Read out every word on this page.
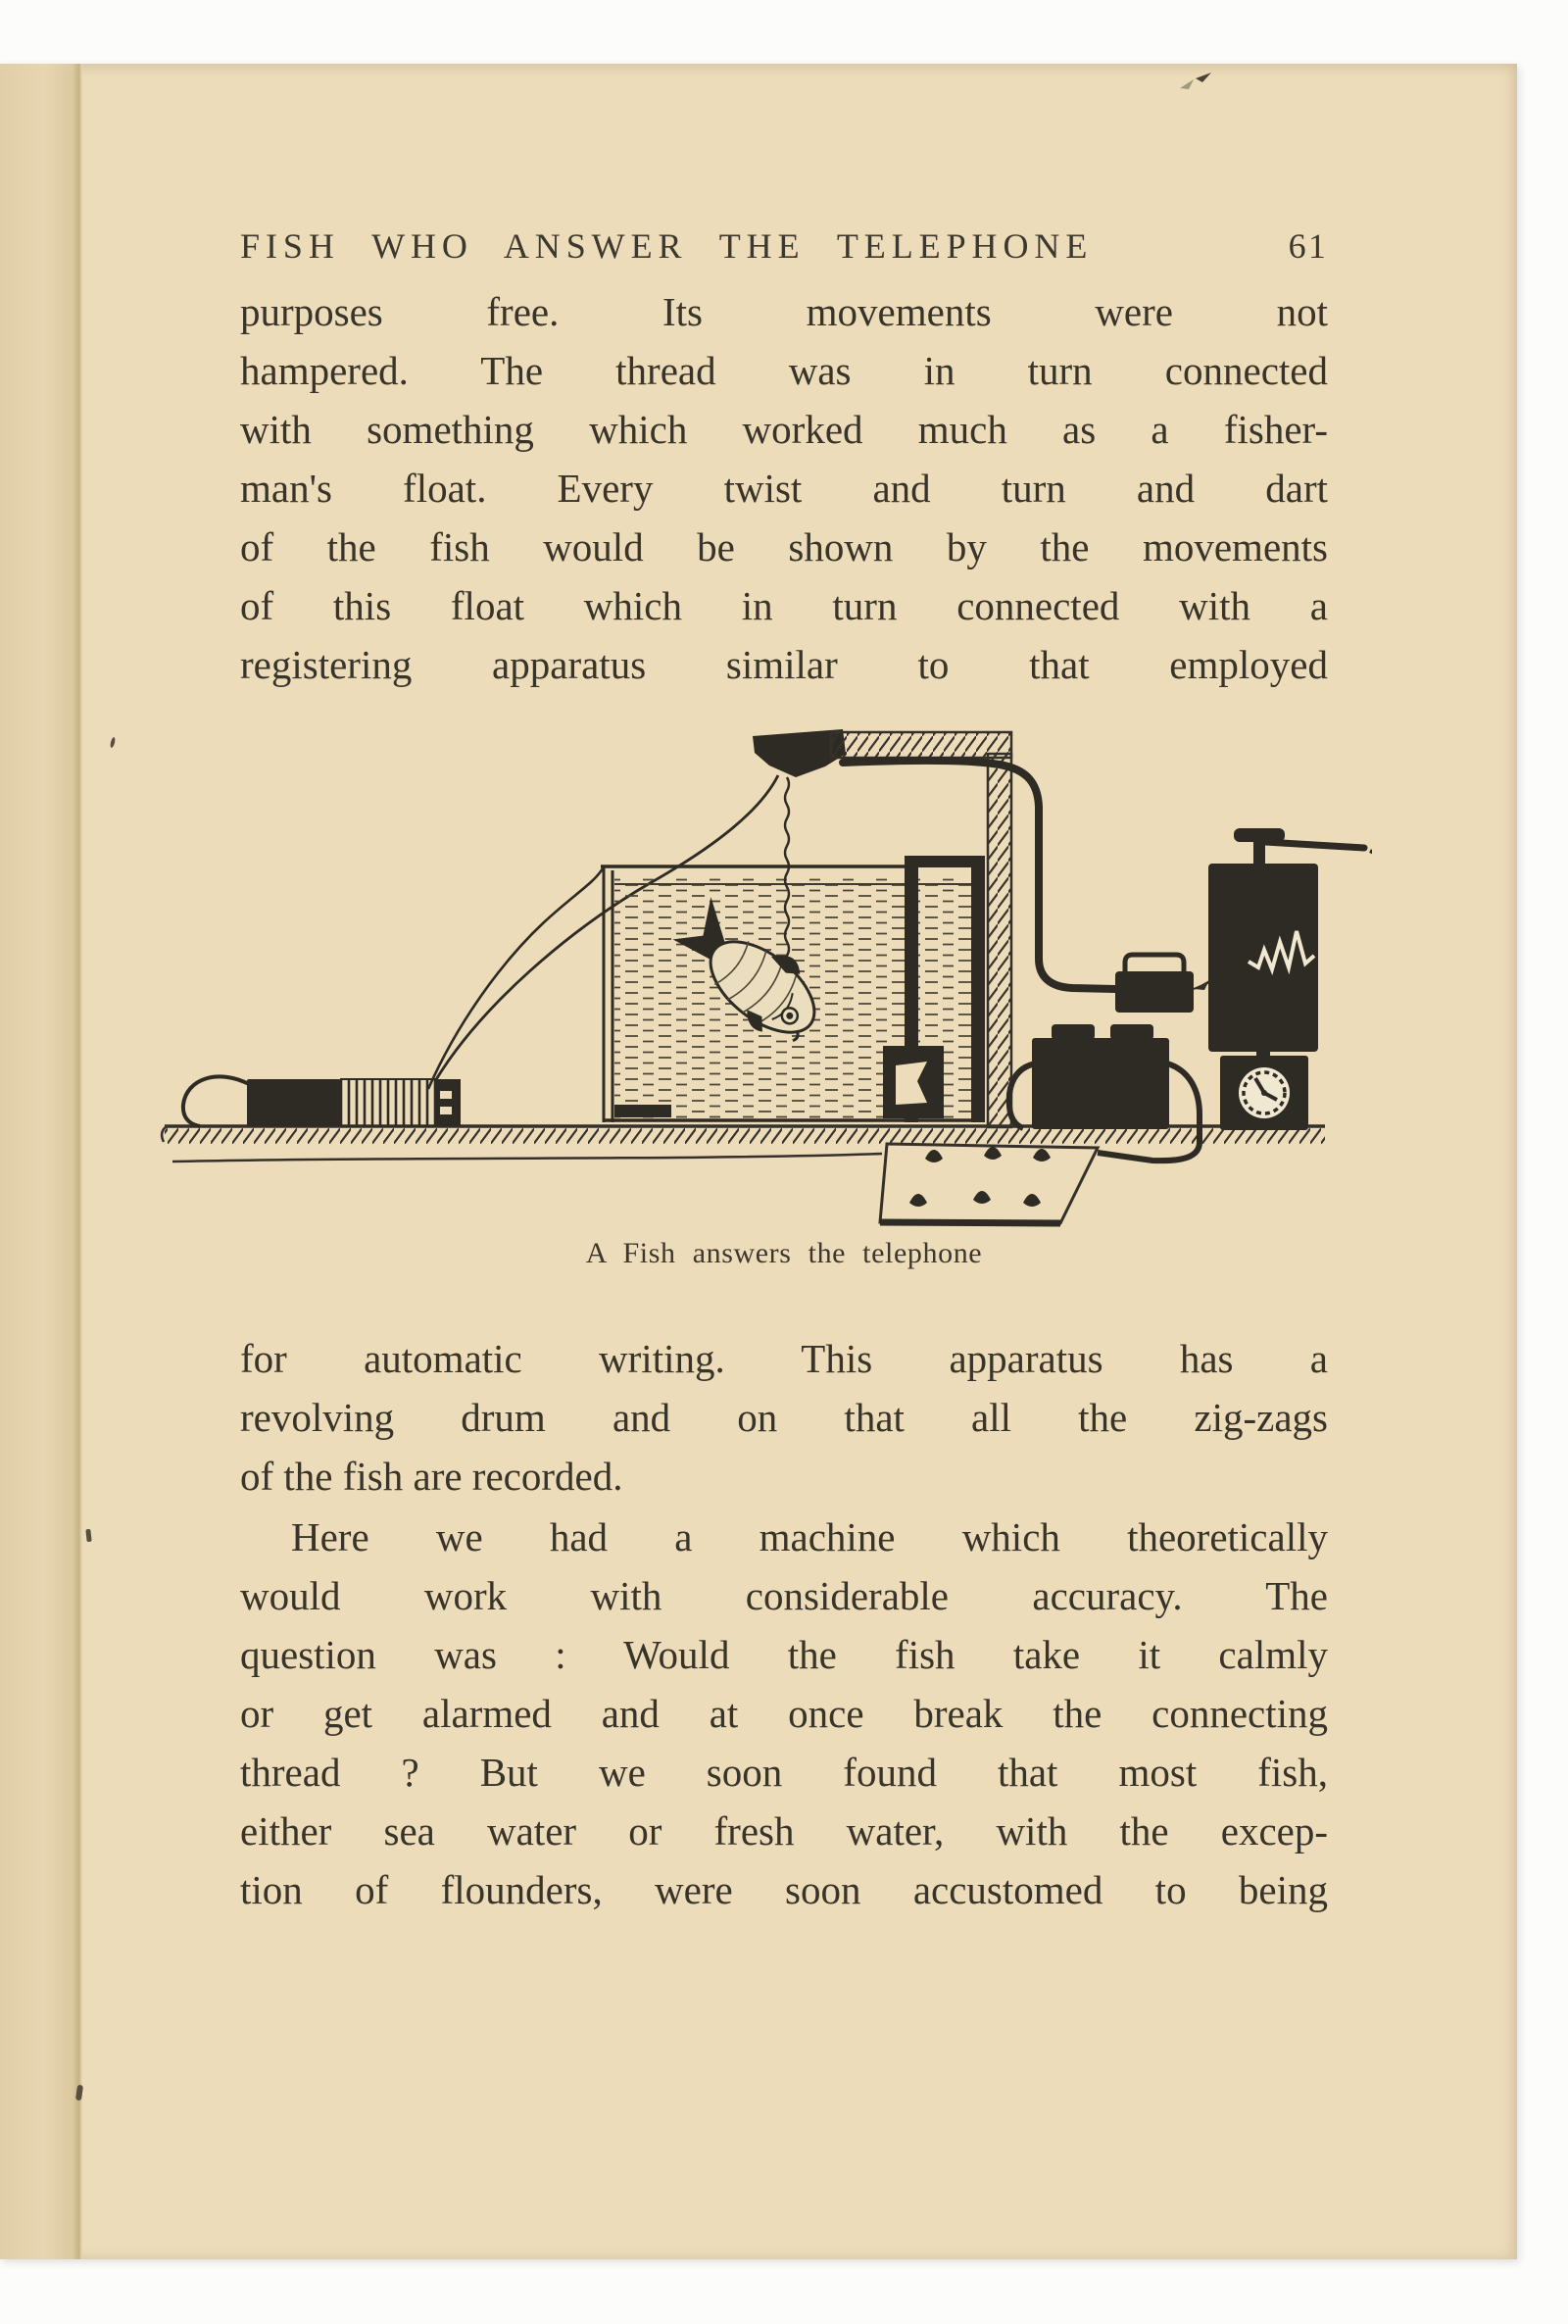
FISH WHO ANSWER THE TELEPHONE	61
purposes free. Its movements were not
hampered. The thread was in turn connected
with something which worked much as a fisher-
man's float. Every twist and turn and dart
of the fish would be shown by the movements
of this float which in turn connected with a
registering apparatus similar to that employed
A Fish answers the telephone
for automatic writing. This apparatus has a
revolving drum and on that all the zig-zags
of the fish are recorded.
Here we had a machine which theoretically
would work with considerable accuracy. The
question was : Would the fish take it calmly
or get alarmed and at once break the connecting
thread ? But we soon found that most fish,
either sea water or fresh water, with the excep-
tion of flounders, were soon accustomed to being
